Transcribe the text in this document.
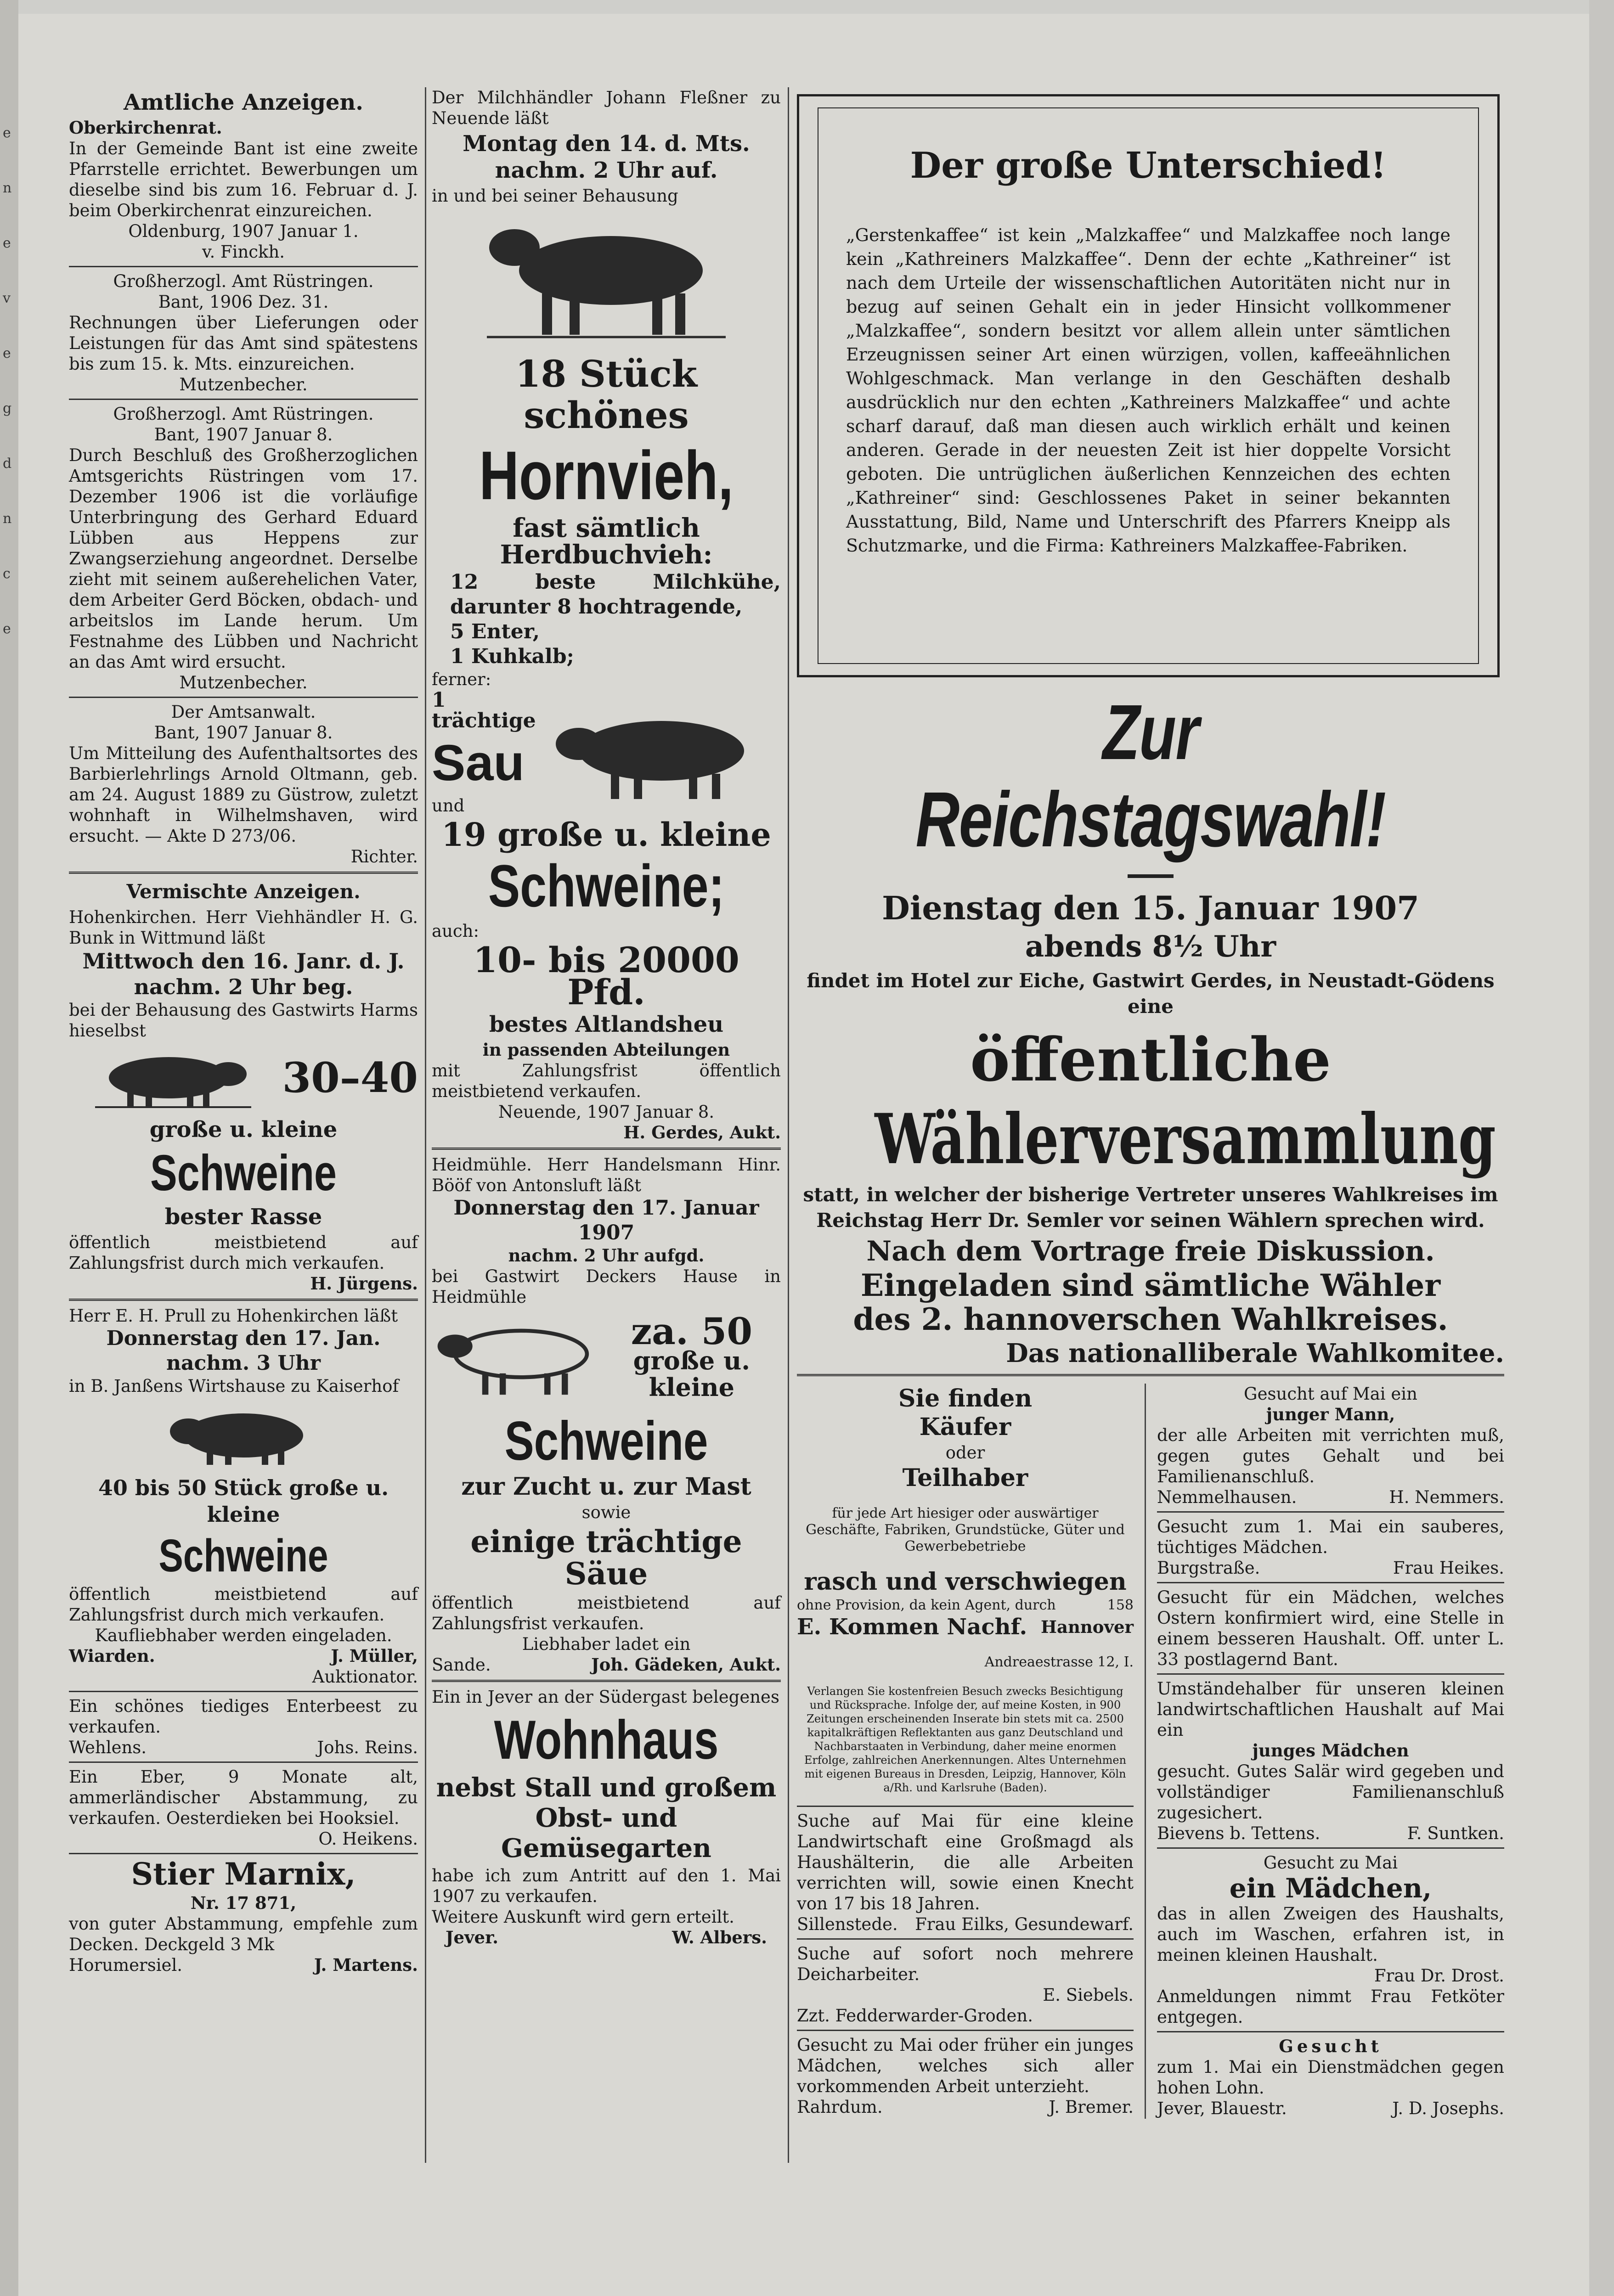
Amtliche Anzeigen.

Oberkirchenrat.

In der Gemeinde Bant ist eine zweite Pfarrstelle errichtet. Bewerbungen um dieselbe sind bis zum 16. Februar d. J. beim Oberkirchenrat einzureichen.

Oldenburg, 1907 Januar 1.

v. Finckh.

Großherzogl. Amt Rüstringen.

Bant, 1906 Dez. 31.

Rechnungen über Lieferungen oder Leistungen für das Amt sind spätestens bis zum 15. k. Mts. einzureichen.

Mutzenbecher.

Großherzogl. Amt Rüstringen.

Bant, 1907 Januar 8.

Durch Beschluß des Großherzoglichen Amtsgerichts Rüstringen vom 17. Dezember 1906 ist die vorläufige Unterbringung des Gerhard Eduard Lübben aus Heppens zur Zwangserziehung angeordnet. Derselbe zieht mit seinem außerehelichen Vater, dem Arbeiter Gerd Böcken, obdach- und arbeitslos im Lande herum. Um Festnahme des Lübben und Nachricht an das Amt wird ersucht.

Mutzenbecher.

Der Amtsanwalt.

Bant, 1907 Januar 8.

Um Mitteilung des Aufenthaltsortes des Barbierlehrlings Arnold Oltmann, geb. am 24. August 1889 zu Güstrow, zuletzt wohnhaft in Wilhelmshaven, wird ersucht. — Akte D 273/06.

Richter.

Vermischte Anzeigen.

Hohenkirchen. Herr Viehhändler H. G. Bunk in Wittmund läßt

Mittwoch den 16. Janr. d. J. nachm. 2 Uhr beg.

bei der Behausung des Gastwirts Harms hieselbst

30–40

große u. kleine

Schweine

bester Rasse

öffentlich meistbietend auf Zahlungsfrist durch mich verkaufen.

H. Jürgens.

Herr E. H. Prull zu Hohenkirchen läßt

Donnerstag den 17. Jan. nachm. 3 Uhr

in B. Janßens Wirtshause zu Kaiserhof

40 bis 50 Stück große u. kleine

Schweine

öffentlich meistbietend auf Zahlungsfrist durch mich verkaufen.

Kaufliebhaber werden eingeladen.

Wiarden.	J. Müller,

Auktionator.

Ein schönes tiediges Enterbeest zu verkaufen.

Wehlens.	Johs. Reins.

Ein Eber, 9 Monate alt, ammerländischer Abstammung, zu verkaufen. Oesterdieken bei Hooksiel.

O. Heikens.

Stier Marnix,

Nr. 17 871,

von guter Abstammung, empfehle zum Decken. Deckgeld 3 Mk

Horumersiel.	J. Martens.

Der Milchhändler Johann Fleßner zu Neuende läßt

Montag den 14. d. Mts. nachm. 2 Uhr auf.

in und bei seiner Behausung

18 Stück schönes

Hornvieh,

fast sämtlich Herdbuchvieh:

12 beste Milchkühe, darunter 8 hochtragende,

5 Enter,

1 Kuhkalb;

ferner:

1 trächtige

Sau

und

19 große u. kleine

Schweine;

auch:

10- bis 20000 Pfd.

bestes Altlandsheu

in passenden Abteilungen

mit Zahlungsfrist öffentlich meistbietend verkaufen.

Neuende, 1907 Januar 8.

H. Gerdes, Aukt.

Heidmühle. Herr Handelsmann Hinr. Bööf von Antonsluft läßt

Donnerstag den 17. Januar 1907

nachm. 2 Uhr aufgd.

bei Gastwirt Deckers Hause in Heidmühle

za. 50

große u. kleine

Schweine

zur Zucht u. zur Mast

sowie

einige trächtige Säue

öffentlich meistbietend auf Zahlungsfrist verkaufen.

Liebhaber ladet ein

Sande.	Joh. Gädeken, Aukt.

Ein in Jever an der Südergast belegenes

Wohnhaus

nebst Stall und großem Obst- und Gemüsegarten

habe ich zum Antritt auf den 1. Mai 1907 zu verkaufen.

Weitere Auskunft wird gern erteilt.

Jever.	W. Albers.

Der große Unterschied!

„Gerstenkaffee“ ist kein „Malzkaffee“ und Malzkaffee noch lange kein „Kathreiners Malzkaffee“. Denn der echte „Kathreiner“ ist nach dem Urteile der wissenschaftlichen Autoritäten nicht nur in bezug auf seinen Gehalt ein in jeder Hinsicht vollkommener „Malzkaffee“, sondern besitzt vor allem allein unter sämtlichen Erzeugnissen seiner Art einen würzigen, vollen, kaffeeähnlichen Wohlgeschmack. Man verlange in den Geschäften deshalb ausdrücklich nur den echten „Kathreiners Malzkaffee“ und achte scharf darauf, daß man diesen auch wirklich erhält und keinen anderen. Gerade in der neuesten Zeit ist hier doppelte Vorsicht geboten. Die untrüglichen äußerlichen Kennzeichen des echten „Kathreiner“ sind: Geschlossenes Paket in seiner bekannten Ausstattung, Bild, Name und Unterschrift des Pfarrers Kneipp als Schutzmarke, und die Firma: Kathreiners Malzkaffee-Fabriken.

Zur Reichstagswahl!

Dienstag den 15. Januar 1907

abends 8½ Uhr

findet im Hotel zur Eiche, Gastwirt Gerdes, in Neustadt-Gödens eine

öffentliche

Wählerversammlung

statt, in welcher der bisherige Vertreter unseres Wahlkreises im Reichstag Herr Dr. Semler vor seinen Wählern sprechen wird.

Nach dem Vortrage freie Diskussion.

Eingeladen sind sämtliche Wähler

des 2. hannoverschen Wahlkreises.

Das nationalliberale Wahlkomitee.

Sie finden

Käufer

oder

Teilhaber

für jede Art hiesiger oder auswärtiger Geschäfte, Fabriken, Grundstücke, Güter und Gewerbebetriebe

rasch und verschwiegen

ohne Provision, da kein Agent, durch	158
E. Kommen Nachf. Hannover

Andreaestrasse 12, I.

Verlangen Sie kostenfreien Besuch zwecks Besichtigung und Rücksprache. Infolge der, auf meine Kosten, in 900 Zeitungen erscheinenden Inserate bin stets mit ca. 2500 kapitalkräftigen Reflektanten aus ganz Deutschland und Nachbarstaaten in Verbindung, daher meine enormen Erfolge, zahlreichen Anerkennungen. Altes Unternehmen mit eigenen Bureaus in Dresden, Leipzig, Hannover, Köln a/Rh. und Karlsruhe (Baden).

Suche auf Mai für eine kleine Landwirtschaft eine Großmagd als Haushälterin, die alle Arbeiten verrichten will, sowie einen Knecht von 17 bis 18 Jahren.

Sillenstede. Frau Eilks, Gesundewarf.

Suche auf sofort noch mehrere Deicharbeiter.

E. Siebels.

Zzt. Fedderwarder-Groden.

Gesucht zu Mai oder früher ein junges Mädchen, welches sich aller vorkommenden Arbeit unterzieht.

Rahrdum.	J. Bremer.

Gesucht auf Mai ein

junger Mann,

der alle Arbeiten mit verrichten muß, gegen gutes Gehalt und bei Familienanschluß.

Nemmelhausen.	H. Nemmers.

Gesucht zum 1. Mai ein sauberes, tüchtiges Mädchen.

Burgstraße.	Frau Heikes.

Gesucht für ein Mädchen, welches Ostern konfirmiert wird, eine Stelle in einem besseren Haushalt. Off. unter L. 33 postlagernd Bant.

Umständehalber für unseren kleinen landwirtschaftlichen Haushalt auf Mai ein

junges Mädchen

gesucht. Gutes Salär wird gegeben und vollständiger Familienanschluß zugesichert.

Bievens b. Tettens.	F. Suntken.

Gesucht zu Mai

ein Mädchen,

das in allen Zweigen des Haushalts, auch im Waschen, erfahren ist, in meinen kleinen Haushalt.

Frau Dr. Drost.

Anmeldungen nimmt Frau Fetköter entgegen.

Gesucht

zum 1. Mai ein Dienstmädchen gegen hohen Lohn.

Jever, Blauestr.	J. D. Josephs.
e
n
e
v
e
g
d
n
c
e
